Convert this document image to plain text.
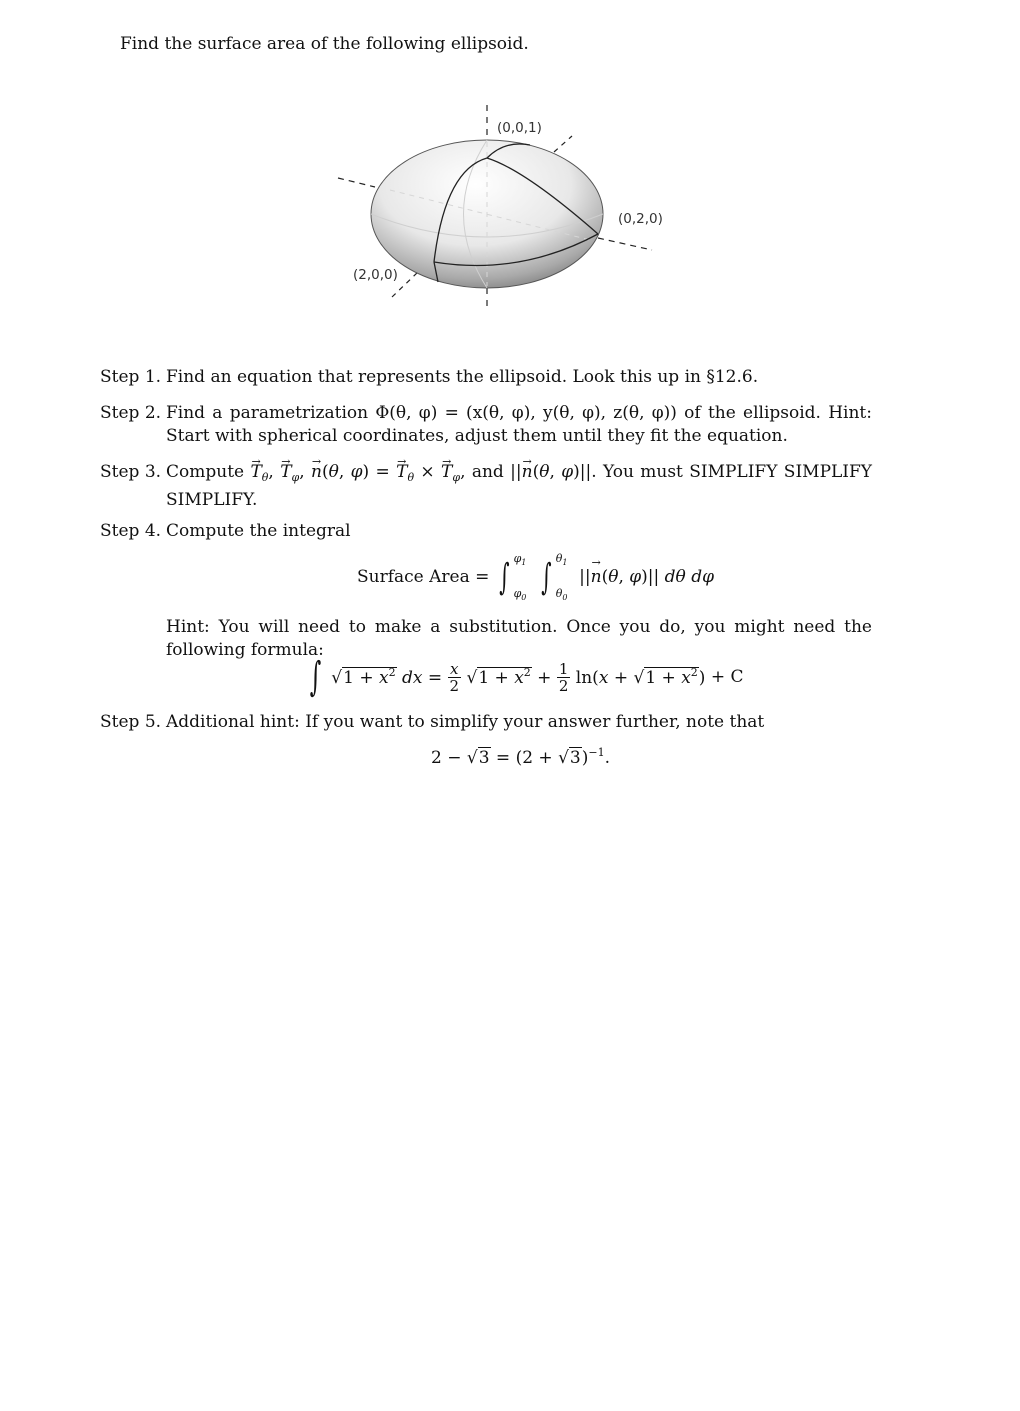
Find the surface area of the following ellipsoid.
(0,0,1)
(0,2,0)
(2,0,0)
Step 1. Find an equation that represents the ellipsoid. Look this up in §12.6.
Step 2. Find a parametrization Φ(θ, φ) = (x(θ, φ), y(θ, φ), z(θ, φ)) of the ellipsoid. Hint: Start with spherical coordinates, adjust them until they fit the equation.
Step 3. Compute → $T_\theta$, → $T_\varphi$, → n(θ, φ) = → $T_\theta$ × → $T_\varphi$, and ||→ n(θ, φ)||. You must SIMPLIFY SIMPLIFY SIMPLIFY.
Step 4. Compute the integral
Surface Area = ∫ $\varphi_1$
$\varphi_0$ ∫ $\theta_1$
$\theta_0$
||→ n(θ, φ)|| dθ dφ
Hint: You will need to make a substitution. Once you do, you might need the following formula:
∫ $√1 + x^2$ dx = $\frac{x}{2} √1 + x^2 + \frac{1}{2} \ln(x + √1 + x^2) + C$
Step 5. Additional hint: If you want to simplify your answer further, note that
$2 - √3 = (2 + √3)^{-1}$.
